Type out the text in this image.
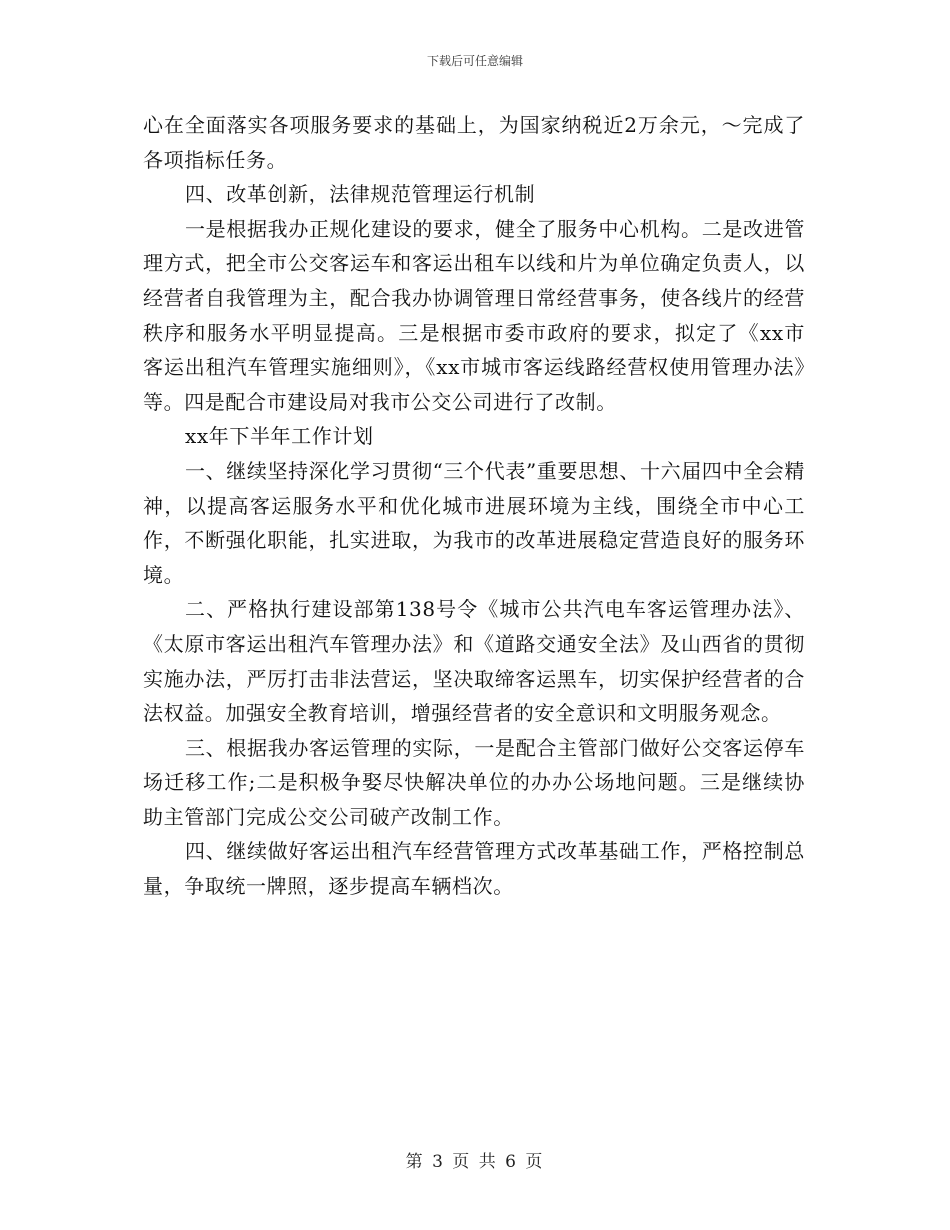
下载后可任意编辑

心在全面落实各项服务要求的基础上，为国家纳税近2万余元，～完成了各项指标任务。

四、改革创新，法律规范管理运行机制

一是根据我办正规化建设的要求，健全了服务中心机构。二是改进管理方式，把全市公交客运车和客运出租车以线和片为单位确定负责人，以经营者自我管理为主，配合我办协调管理日常经营事务，使各线片的经营秩序和服务水平明显提高。三是根据市委市政府的要求，拟定了《xx市客运出租汽车管理实施细则》，《xx市城市客运线路经营权使用管理办法》等。四是配合市建设局对我市公交公司进行了改制。

xx年下半年工作计划

一、继续坚持深化学习贯彻“三个代表”重要思想、十六届四中全会精神，以提高客运服务水平和优化城市进展环境为主线，围绕全市中心工作，不断强化职能，扎实进取，为我市的改革进展稳定营造良好的服务环境。

二、严格执行建设部第138号令《城市公共汽电车客运管理办法》、《太原市客运出租汽车管理办法》和《道路交通安全法》及山西省的贯彻实施办法，严厉打击非法营运，坚决取缔客运黑车，切实保护经营者的合法权益。加强安全教育培训，增强经营者的安全意识和文明服务观念。

三、根据我办客运管理的实际，一是配合主管部门做好公交客运停车场迁移工作;二是积极争娶尽快解决单位的办办公场地问题。三是继续协助主管部门完成公交公司破产改制工作。

四、继续做好客运出租汽车经营管理方式改革基础工作，严格控制总量，争取统一牌照，逐步提高车辆档次。

第 3 页 共 6 页
